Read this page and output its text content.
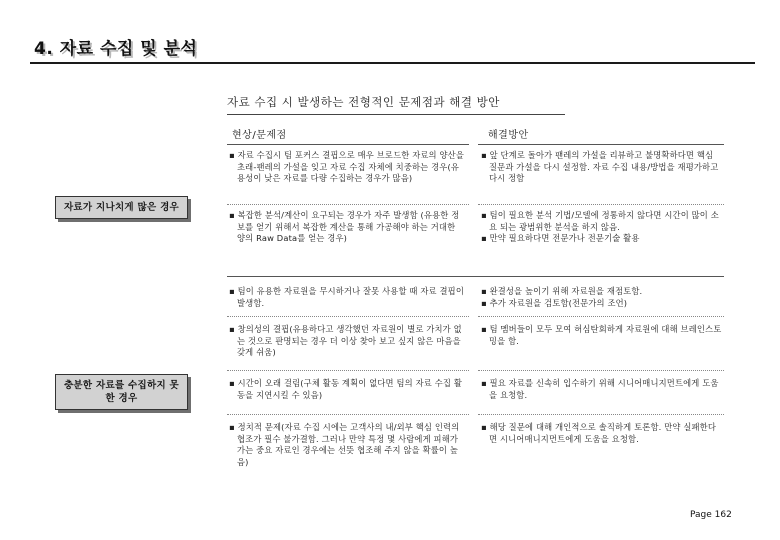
4. 자료 수집 및 분석
자료 수집 시 발생하는 전형적인 문제점과 해결 방안
현상/문제점	해결방안
자료가 지나치게 많은 경우
충분한 자료를 수집하지 못한 경우
▪ 자료 수집시 팀 포커스 결핍으로 매우 브로드한 자료의 양산을 초래-팬레의 가설을 잊고 자료 수집 자체에 치중하는 경우(유용성이 낮은 자료를 다량 수집하는 경우가 많음)
▪ 앞 단계로 돌아가 팬레의 가설을 리뷰하고 불명확하다면 핵심 질문과 가설을 다시 설정함. 자료 수집 내용/방법을 재평가하고 다시 정함
▪ 복잡한 분석/계산이 요구되는 경우가 자주 발생함 (유용한 정보를 얻기 위해서 복잡한 계산을 통해 가공해야 하는 거대한 양의 Raw Data를 얻는 경우)
▪ 팀이 필요한 분석 기법/모델에 정통하지 않다면 시간이 많이 소요 되는 광범위한 분석을 하지 않음.
▪ 만약 필요하다면 전문가나 전문기술 활용
▪ 팀이 유용한 자료원을 무시하거나 잘못 사용할 때 자료 결핍이 발생함.
▪ 완결성을 높이기 위해 자료원을 재점토함.
▪ 추가 자료원을 검토함(전문가의 조언)
▪ 창의성의 결핍(유용하다고 생각했던 자료원이 별로 가치가 없는 것으로 판명되는 경우 더 이상 찾아 보고 싶지 않은 마음을 갖게 쉬움)
▪ 팀 멤버들이 모두 모여 허심탄회하게 자료원에 대해 브레인스토밍을 함.
▪ 시간이 오래 걸림(구체 활동 계획이 없다면 팀의 자료 수집 활동을 지연시킬 수 있음)
▪ 필요 자료를 신속히 입수하기 위해 시니어매니지먼트에게 도움을 요청함.
▪ 정치적 문제(자료 수집 시에는 고객사의 내/외부 핵심 인력의 협조가 필수 불가결함. 그러나 만약 특정 몇 사람에게 피해가 가는 중요 자료인 경우에는 선뜻 협조해 주지 않을 확률이 높음)
▪ 해당 질문에 대해 개인적으로 솔직하게 토론함. 만약 실패한다면 시니어매니지먼트에게 도움을 요청함.
Page 162
